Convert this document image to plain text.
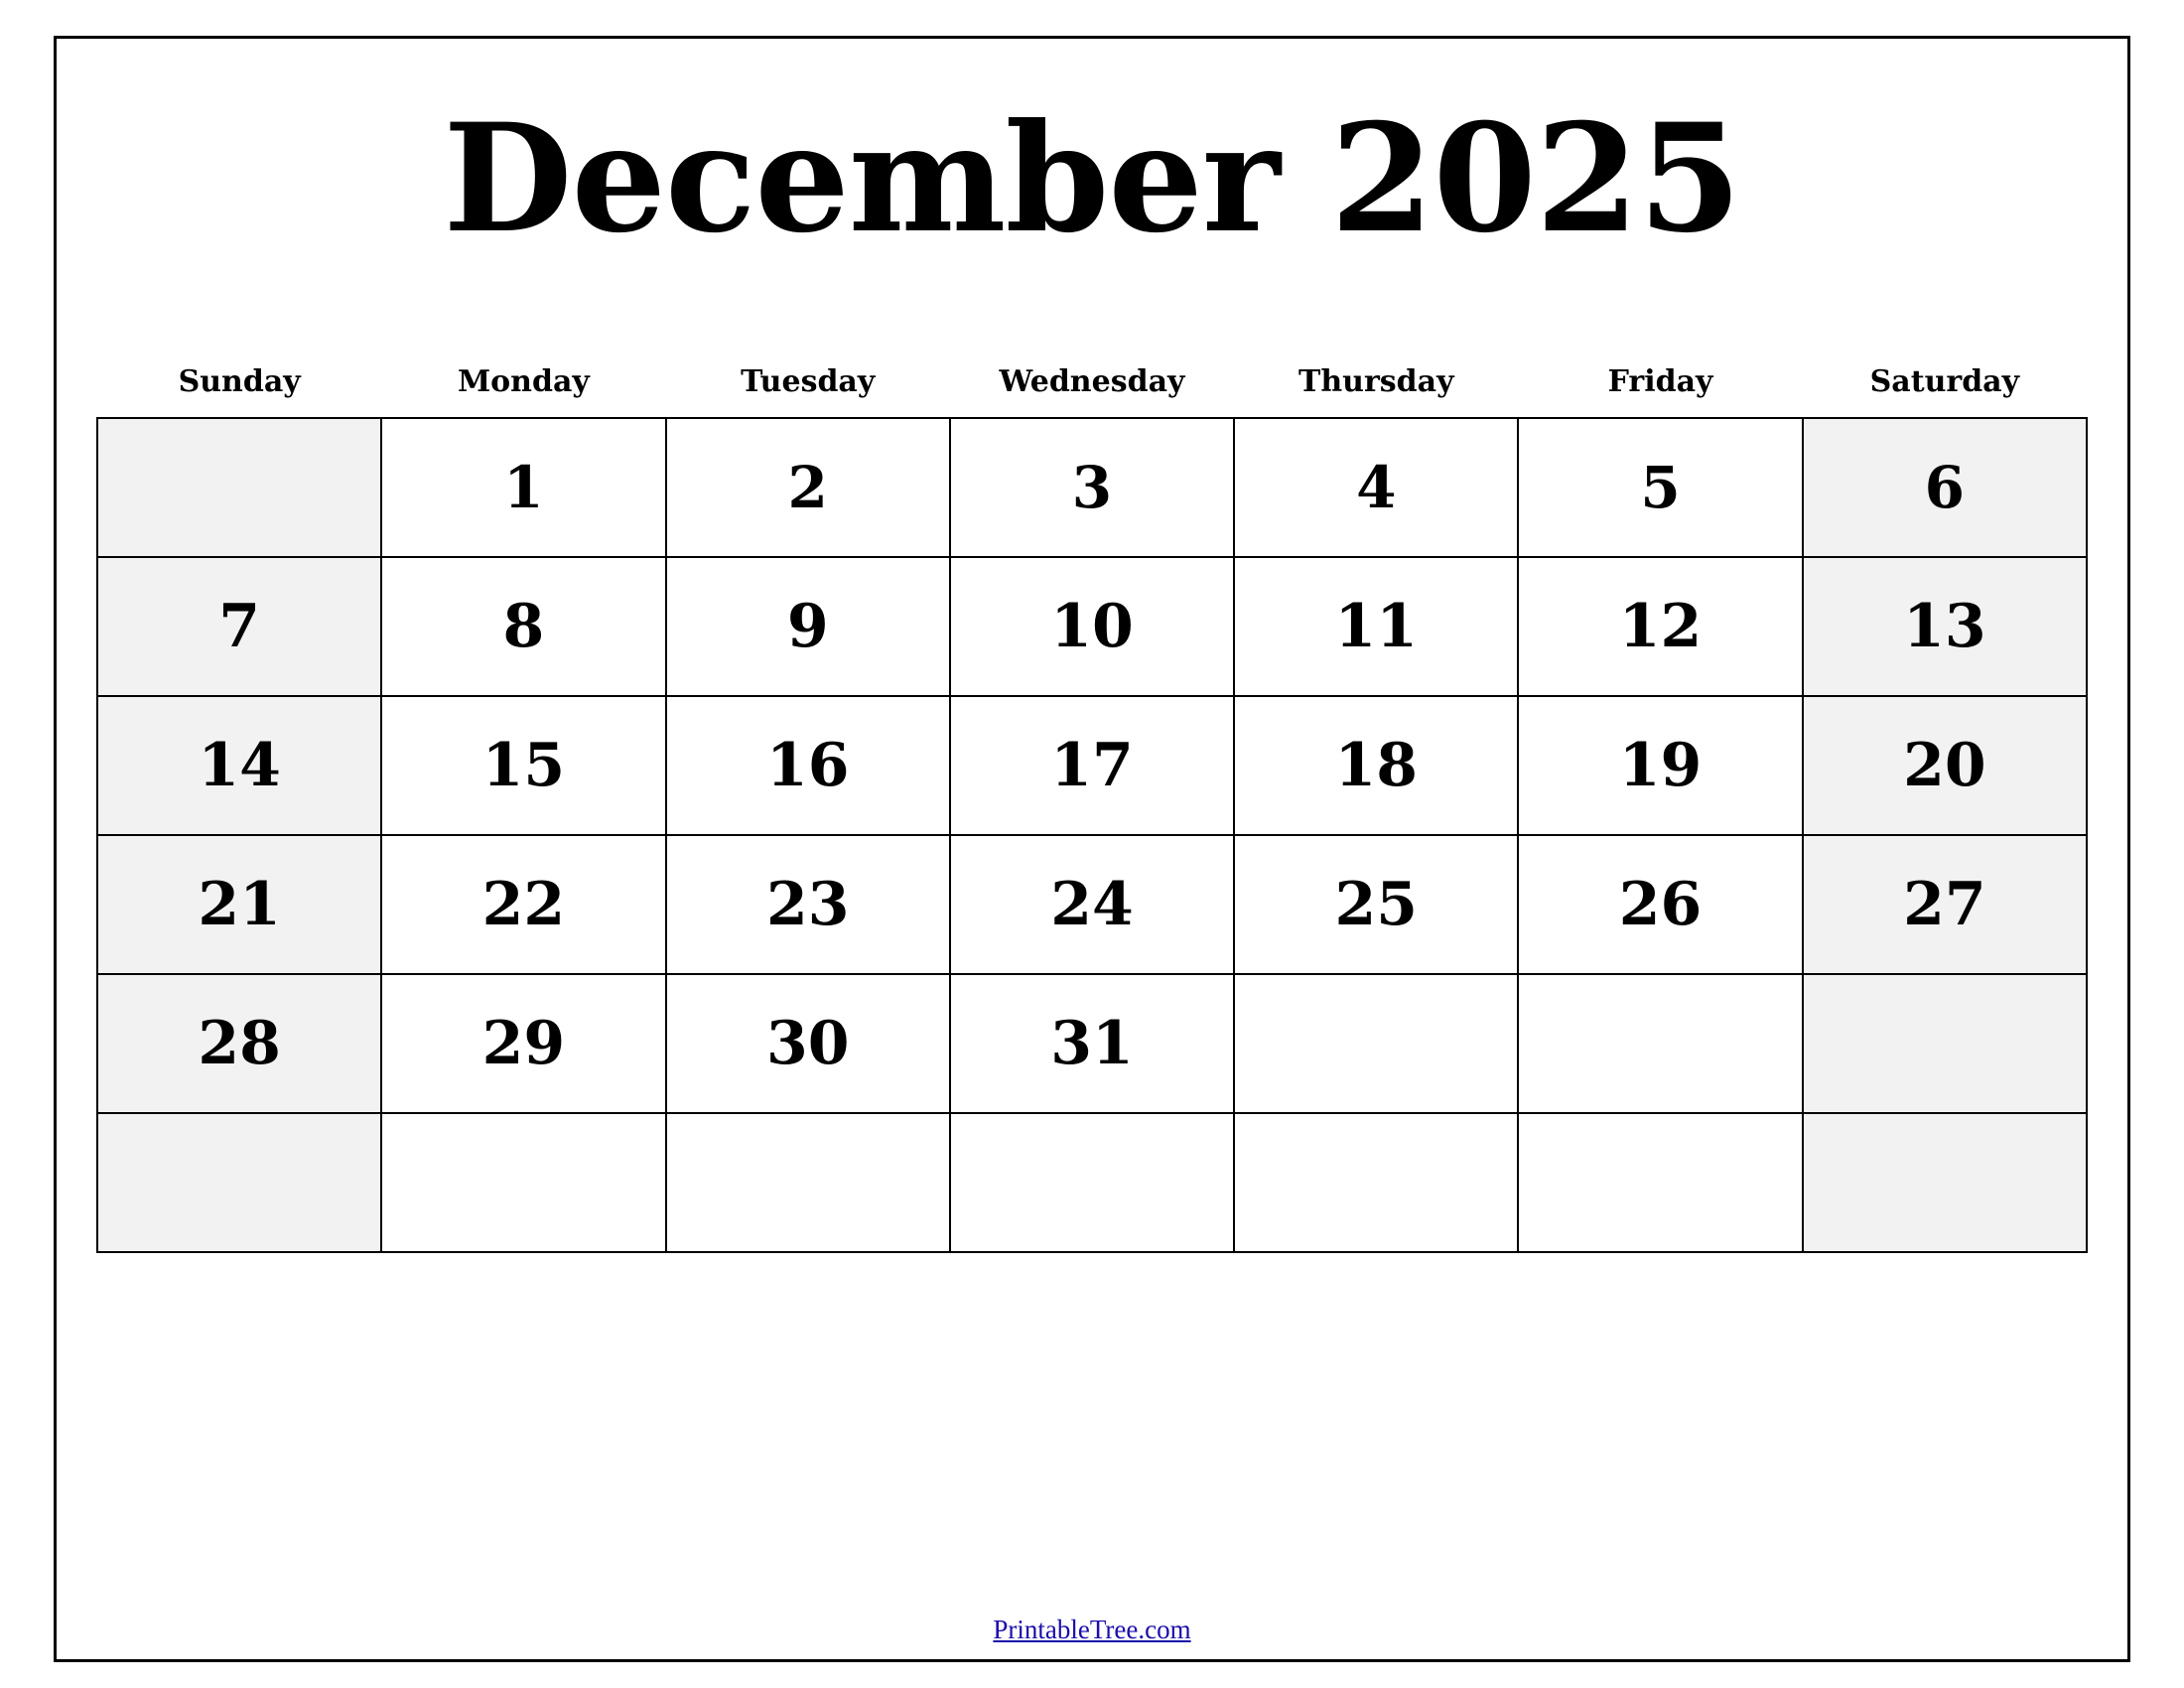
December 2025
Sunday	Monday	Tuesday	Wednesday	Thursday	Friday	Saturday

	1	2	3	4	5	6

7	8	9	10	11	12	13

14	15	16	17	18	19	20

21	22	23	24	25	26	27

28	29	30	31			

PrintableTree.com
